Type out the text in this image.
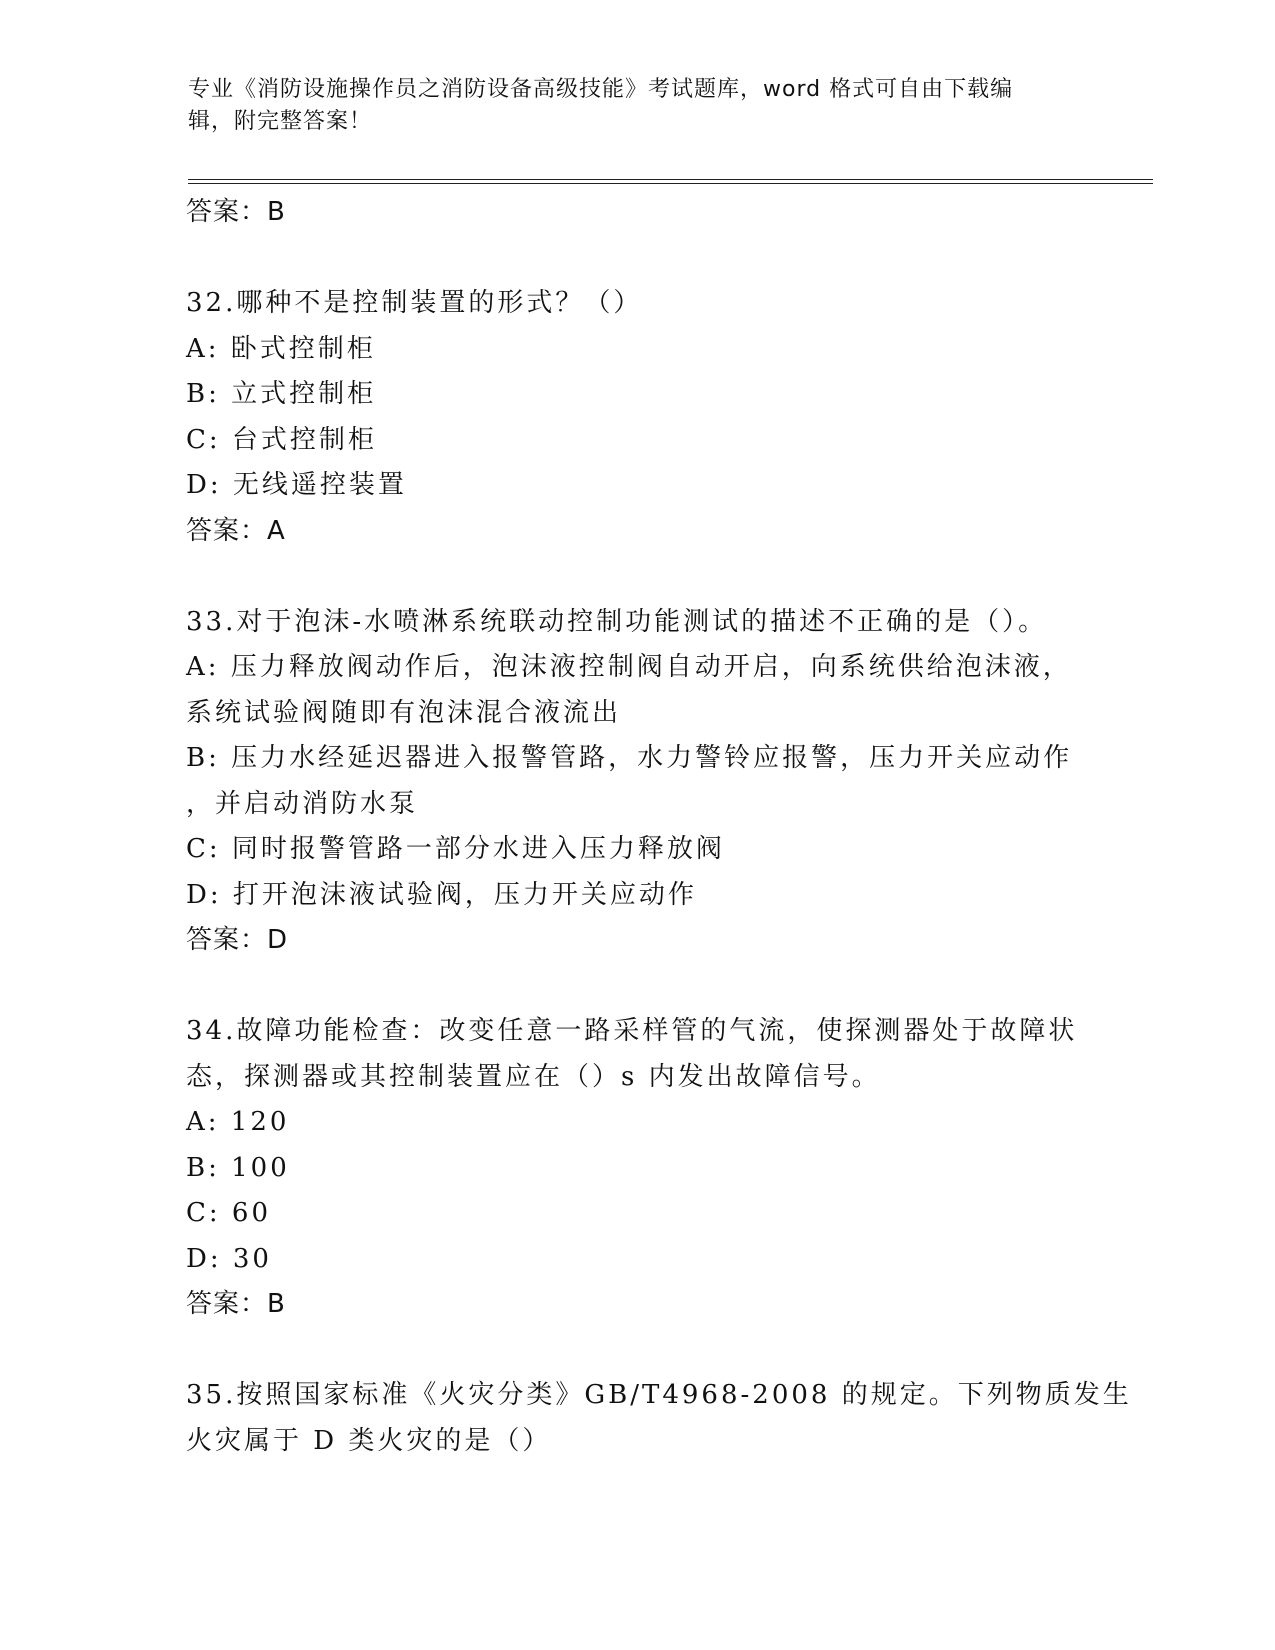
专业《消防设施操作员之消防设备高级技能》考试题库，word 格式可自由下载编
辑，附完整答案！
答案：B
32.哪种不是控制装置的形式？（）
A: 卧式控制柜
B: 立式控制柜
C: 台式控制柜
D: 无线遥控装置
答案：A
33.对于泡沫-水喷淋系统联动控制功能测试的描述不正确的是（）。
A: 压力释放阀动作后，泡沫液控制阀自动开启，向系统供给泡沫液，
系统试验阀随即有泡沫混合液流出
B: 压力水经延迟器进入报警管路，水力警铃应报警，压力开关应动作
，并启动消防水泵
C: 同时报警管路一部分水进入压力释放阀
D: 打开泡沫液试验阀，压力开关应动作
答案：D
34.故障功能检查：改变任意一路采样管的气流，使探测器处于故障状
态，探测器或其控制装置应在（）s 内发出故障信号。
A: 120
B: 100
C: 60
D: 30
答案：B
35.按照国家标准《火灾分类》GB/T4968-2008 的规定。下列物质发生
火灾属于 D 类火灾的是（）
